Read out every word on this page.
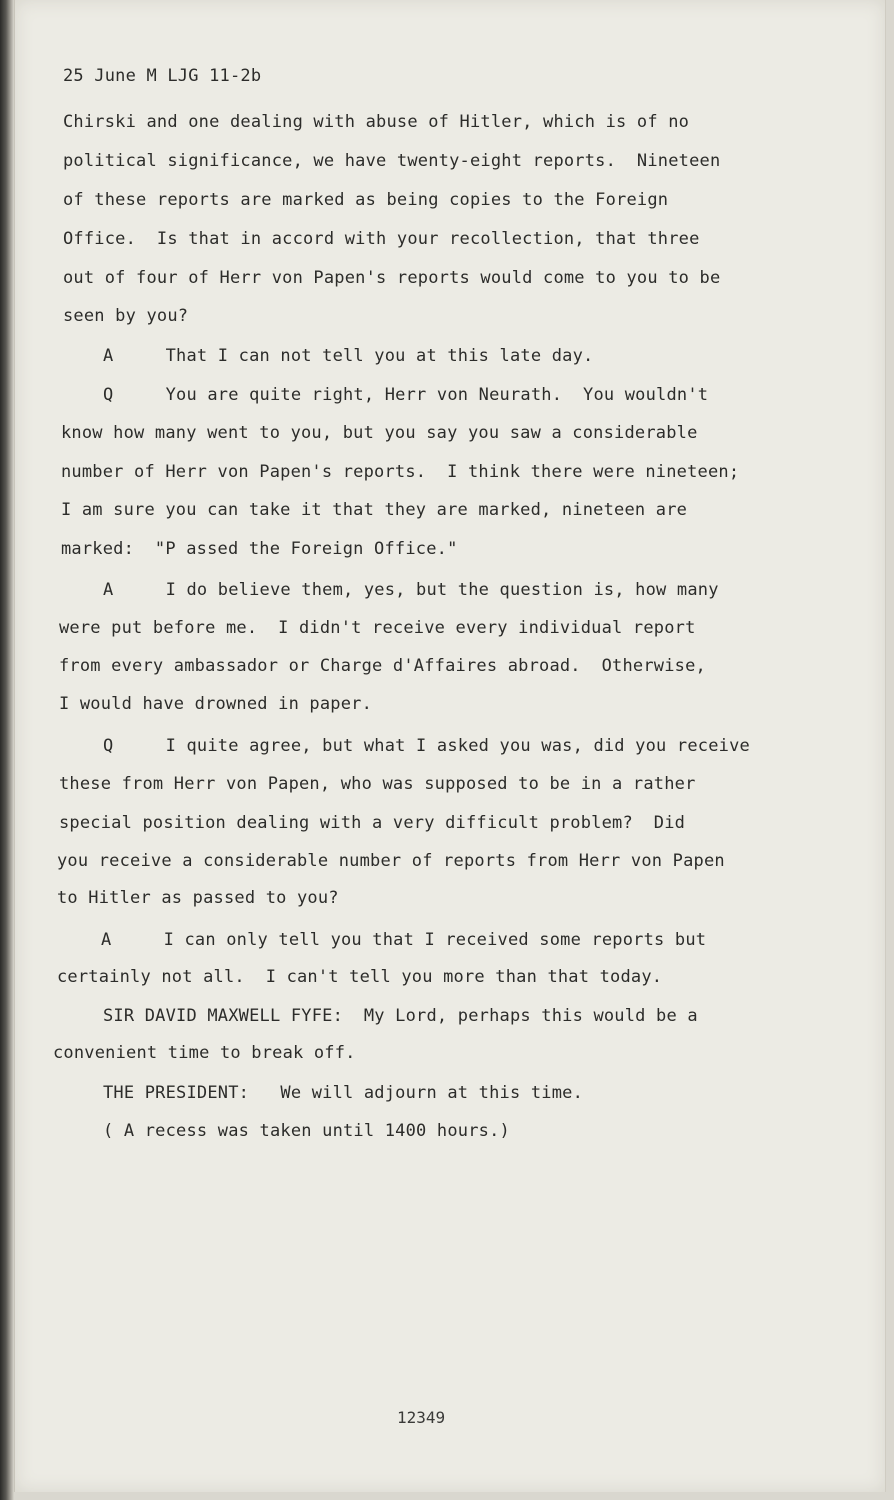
25 June M LJG 11-2b
Chirski and one dealing with abuse of Hitler, which is of no
political significance, we have twenty-eight reports.  Nineteen
of these reports are marked as being copies to the Foreign
Office.  Is that in accord with your recollection, that three
out of four of Herr von Papen's reports would come to you to be
seen by you?
A     That I can not tell you at this late day.
Q     You are quite right, Herr von Neurath.  You wouldn't
know how many went to you, but you say you saw a considerable
number of Herr von Papen's reports.  I think there were nineteen;
I am sure you can take it that they are marked, nineteen are
marked:  "P assed the Foreign Office."
A     I do believe them, yes, but the question is, how many
were put before me.  I didn't receive every individual report
from every ambassador or Charge d'Affaires abroad.  Otherwise,
I would have drowned in paper.
Q     I quite agree, but what I asked you was, did you receive
these from Herr von Papen, who was supposed to be in a rather
special position dealing with a very difficult problem?  Did
you receive a considerable number of reports from Herr von Papen
to Hitler as passed to you?
A     I can only tell you that I received some reports but
certainly not all.  I can't tell you more than that today.
SIR DAVID MAXWELL FYFE:  My Lord, perhaps this would be a
convenient time to break off.
THE PRESIDENT:   We will adjourn at this time.
( A recess was taken until 1400 hours.)
12349
